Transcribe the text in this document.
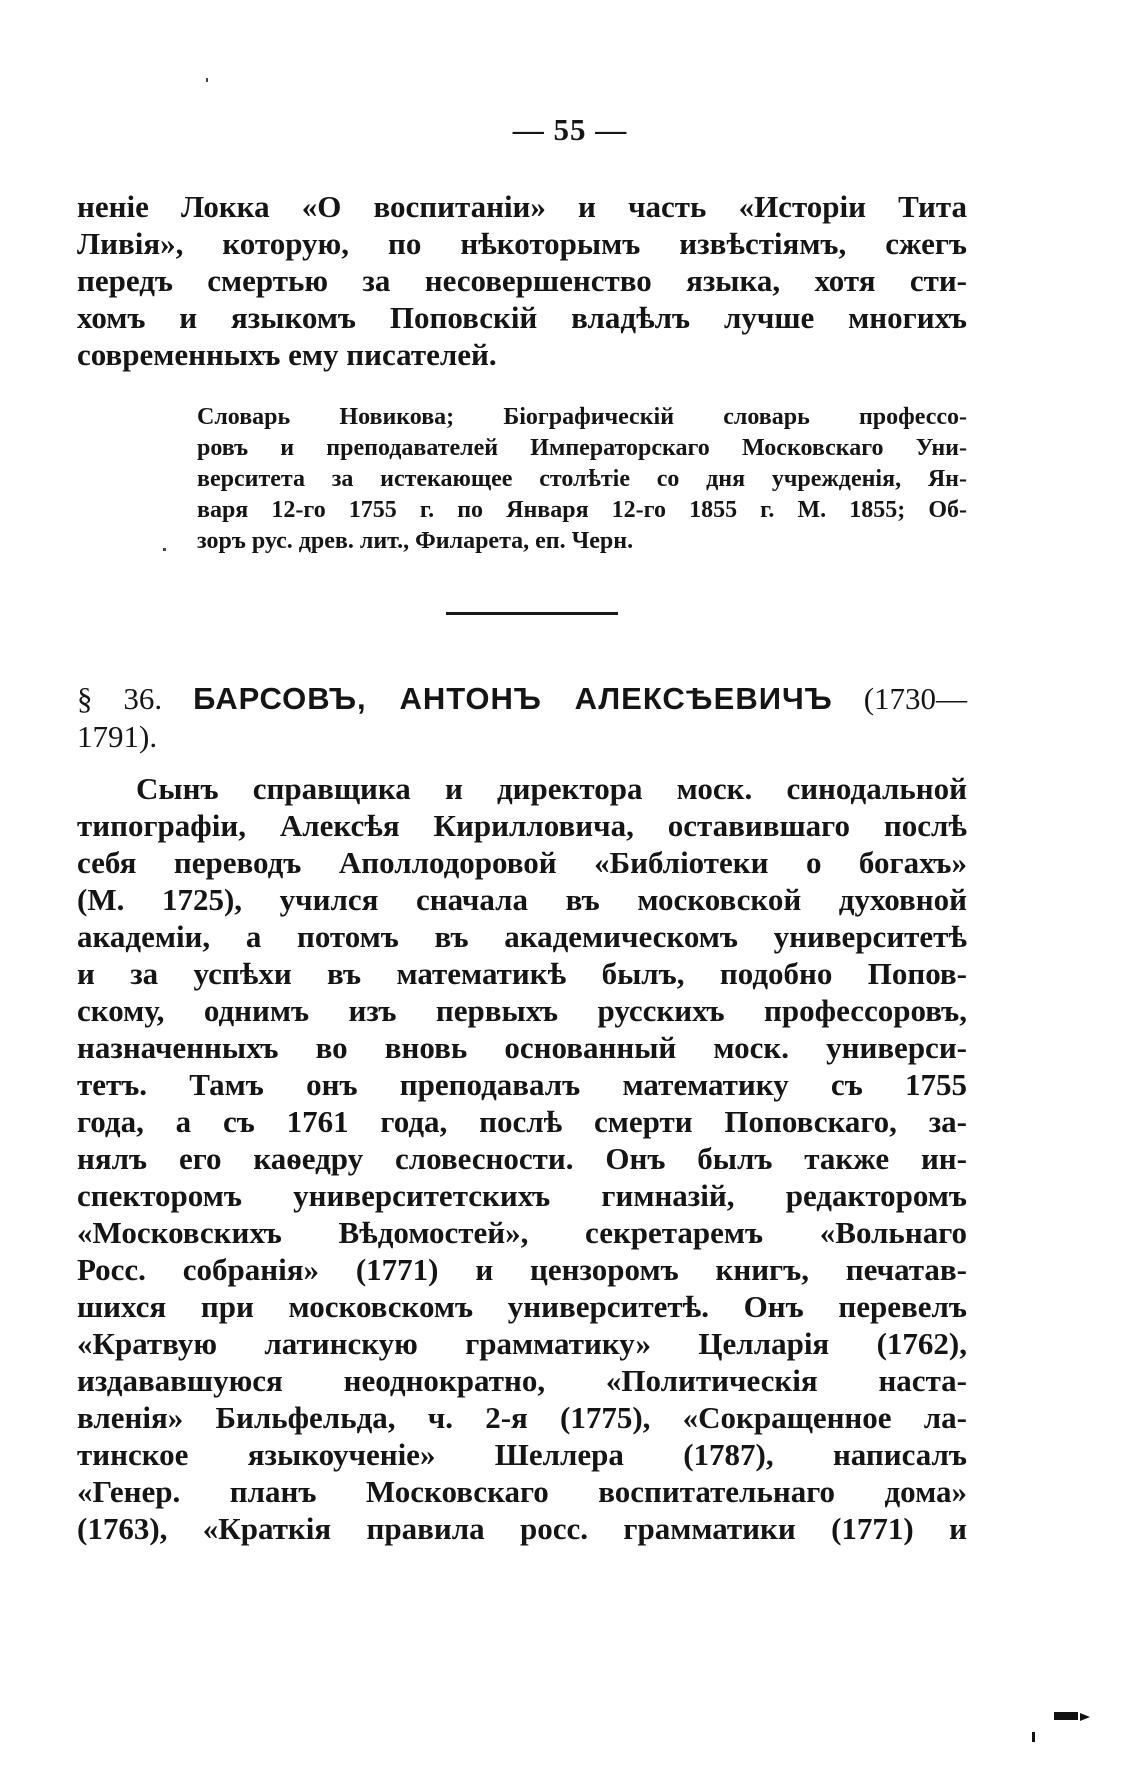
— 55 —
неніе Локка «О воспитаніи» и часть «Исторіи Тита
Ливія», которую, по нѣкоторымъ извѣстіямъ, сжегъ
передъ смертью за несовершенство языка, хотя сти-
хомъ и языкомъ Поповскій владѣлъ лучше многихъ
современныхъ ему писателей.
Словарь Новикова; Біографическій словарь профессо-
ровъ и преподавателей Императорскаго Московскаго Уни-
верситета за истекающее столѣтіе со дня учрежденія, Ян-
варя 12-го 1755 г. по Января 12-го 1855 г. М. 1855; Об-
зоръ рус. древ. лит., Филарета, еп. Черн.
§ 36. БАРСОВЪ, АНТОНЪ АЛЕКСѢЕВИЧЪ (1730—
1791).
Сынъ справщика и директора моск. синодальной
типографіи, Алексѣя Кирилловича, оставившаго послѣ
себя переводъ Аполлодоровой «Библіотеки о богахъ»
(М. 1725), учился сначала въ московской духовной
академіи, а потомъ въ академическомъ университетѣ
и за успѣхи въ математикѣ былъ, подобно Попов-
скому, однимъ изъ первыхъ русскихъ профессоровъ,
назначенныхъ во вновь основанный моск. универси-
тетъ. Тамъ онъ преподавалъ математику съ 1755
года, а съ 1761 года, послѣ смерти Поповскаго, за-
нялъ его каѳедру словесности. Онъ былъ также ин-
спекторомъ университетскихъ гимназій, редакторомъ
«Московскихъ Вѣдомостей», секретаремъ «Вольнаго
Росс. собранія» (1771) и цензоромъ книгъ, печатав-
шихся при московскомъ университетѣ. Онъ перевелъ
«Кратвую латинскую грамматику» Целларія (1762),
издававшуюся неоднократно, «Политическія наста-
вленія» Бильфельда, ч. 2-я (1775), «Сокращенное ла-
тинское языкоученіе» Шеллера (1787), написалъ
«Генер. планъ Московскаго воспитательнаго дома»
(1763), «Краткія правила росс. грамматики (1771) и
